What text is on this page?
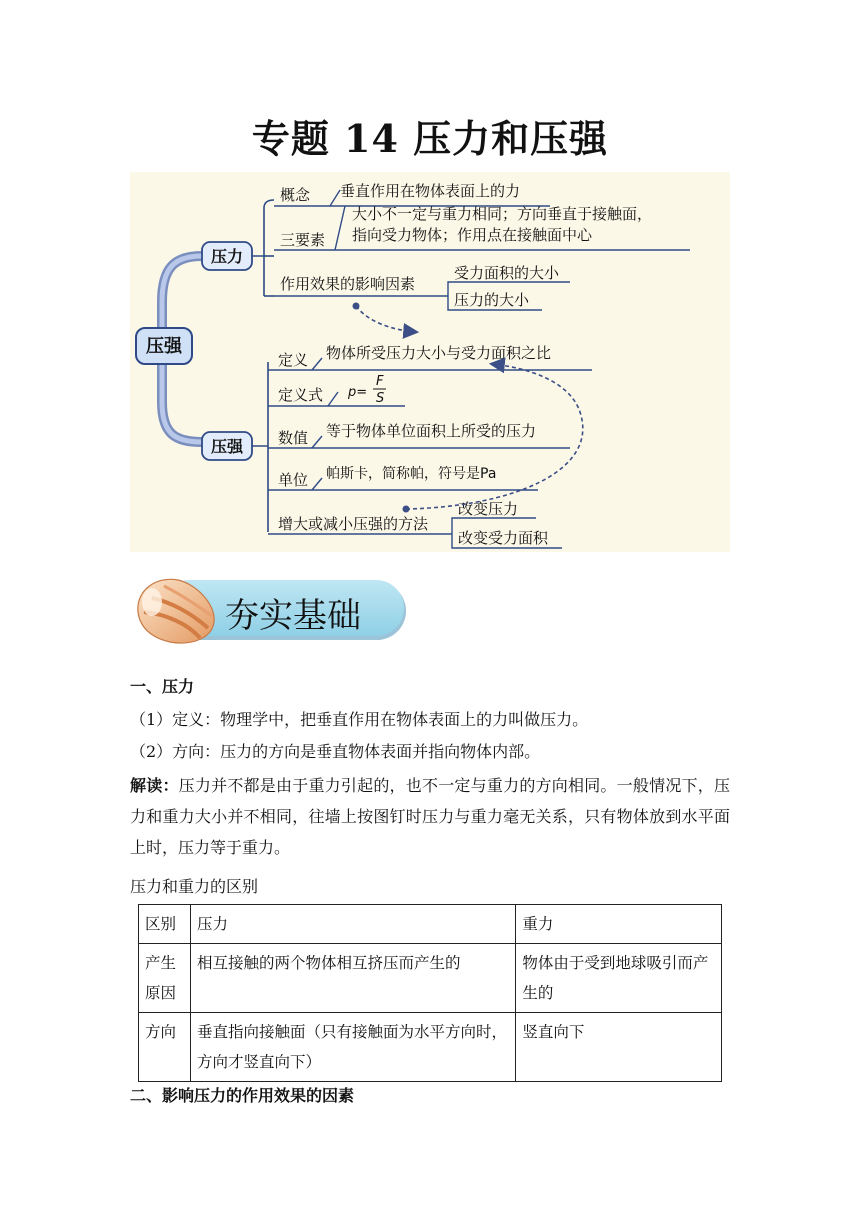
专题 14 压力和压强
压强
压力
概念 垂直作用在物体表面上的力
三要素
大小不一定与重力相同；方向垂直于接触面，
指向受力物体；作用点在接触面中心
作用效果的影响因素
受力面积的大小
压力的大小
压强
定义 物体所受压力大小与受力面积之比
定义式 p=
F
S
数值 等于物体单位面积上所受的压力
单位 帕斯卡，简称帕，符号是Pa
增大或减小压强的方法
改变压力
改变受力面积
夯实基础
一、压力
（1）定义：物理学中，把垂直作用在物体表面上的力叫做压力。
（2）方向：压力的方向是垂直物体表面并指向物体内部。
解读：压力并不都是由于重力引起的，也不一定与重力的方向相同。一般情况下，压力和重力大小并不相同，往墙上按图钉时压力与重力毫无关系，只有物体放到水平面上时，压力等于重力。
压力和重力的区别
区别	压力	重力
产生原因	相互接触的两个物体相互挤压而产生的	物体由于受到地球吸引而产生的
方向	垂直指向接触面（只有接触面为水平方向时，方向才竖直向下）	竖直向下
二、影响压力的作用效果的因素
